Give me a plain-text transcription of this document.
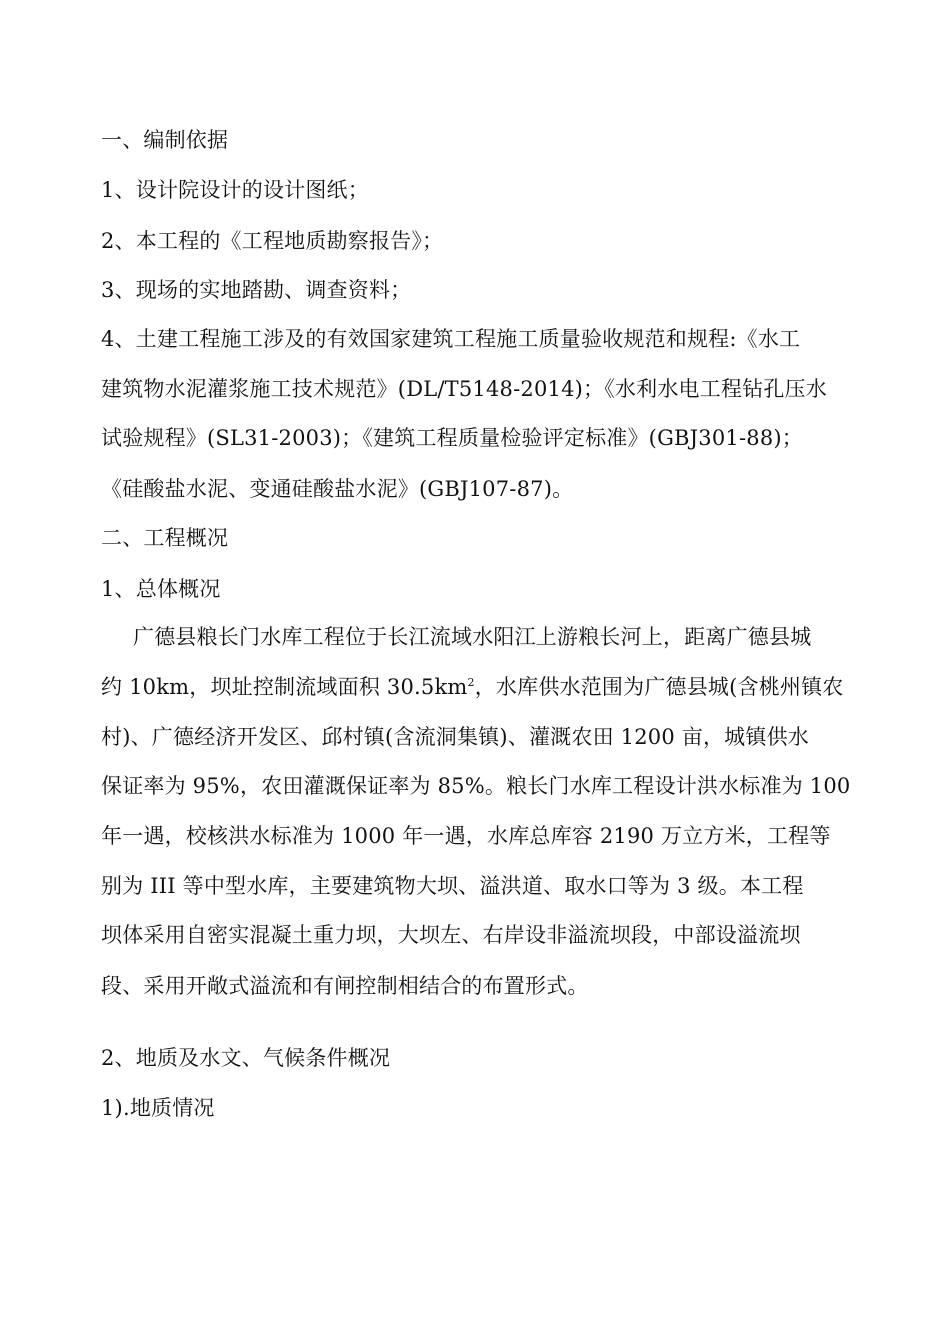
一、编制依据
1、设计院设计的设计图纸；
2、本工程的《工程地质勘察报告》；
3、现场的实地踏勘、调查资料；
4、土建工程施工涉及的有效国家建筑工程施工质量验收规范和规程:《水工
建筑物水泥灌浆施工技术规范》(DL/T5148-2014)；《水利水电工程钻孔压水
试验规程》(SL31-2003)；《建筑工程质量检验评定标准》(GBJ301-88)；
《硅酸盐水泥、变通硅酸盐水泥》(GBJ107-87)。
二、工程概况
1、总体概况
广德县粮长门水库工程位于长江流域水阳江上游粮长河上，距离广德县城
约 10km，坝址控制流域面积 $30.5km^2$，水库供水范围为广德县城(含桃州镇农
村)、广德经济开发区、邱村镇(含流洞集镇)、灌溉农田 1200 亩，城镇供水
保证率为 95%，农田灌溉保证率为 85%。粮长门水库工程设计洪水标准为 100
年一遇，校核洪水标准为 1000 年一遇，水库总库容 2190 万立方米，工程等
别为 III 等中型水库，主要建筑物大坝、溢洪道、取水口等为 3 级。本工程
坝体采用自密实混凝土重力坝，大坝左、右岸设非溢流坝段，中部设溢流坝
段、采用开敞式溢流和有闸控制相结合的布置形式。
2、地质及水文、气候条件概况
1).地质情况
